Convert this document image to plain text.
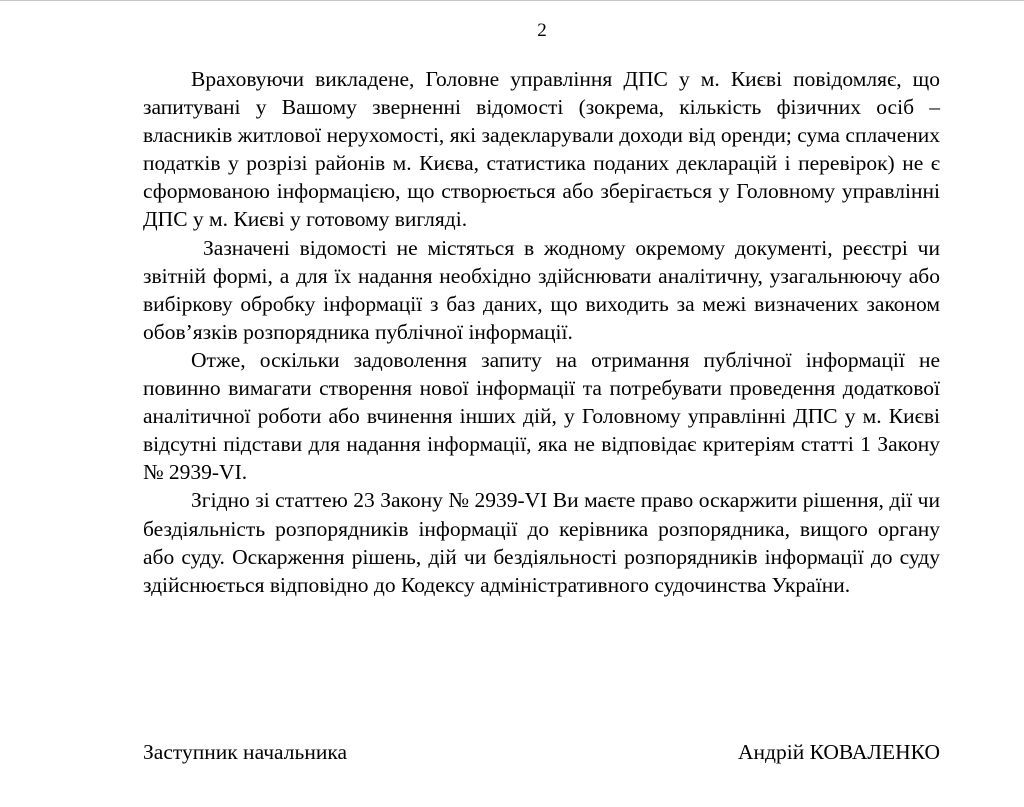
2

Враховуючи викладене, Головне управління ДПС у м. Києві повідомляє, що запитувані у Вашому зверненні відомості (зокрема, кількість фізичних осіб – власників житлової нерухомості, які задекларували доходи від оренди; сума сплачених податків у розрізі районів м. Києва, статистика поданих декларацій і перевірок) не є сформованою інформацією, що створюється або зберігається у Головному управлінні ДПС у м. Києві у готовому вигляді.

Зазначені відомості не містяться в жодному окремому документі, реєстрі чи звітній формі, а для їх надання необхідно здійснювати аналітичну, узагальнюючу або вибіркову обробку інформації з баз даних, що виходить за межі визначених законом обов’язків розпорядника публічної інформації.

Отже, оскільки задоволення запиту на отримання публічної інформації не повинно вимагати створення нової інформації та потребувати проведення додаткової аналітичної роботи або вчинення інших дій, у Головному управлінні ДПС у м. Києві відсутні підстави для надання інформації, яка не відповідає критеріям статті 1 Закону № 2939-VI.

Згідно зі статтею 23 Закону № 2939-VI Ви маєте право оскаржити рішення, дії чи бездіяльність розпорядників інформації до керівника розпорядника, вищого органу або суду. Оскарження рішень, дій чи бездіяльності розпорядників інформації до суду здійснюється відповідно до Кодексу адміністративного судочинства України.

Заступник начальника	Андрій КОВАЛЕНКО
